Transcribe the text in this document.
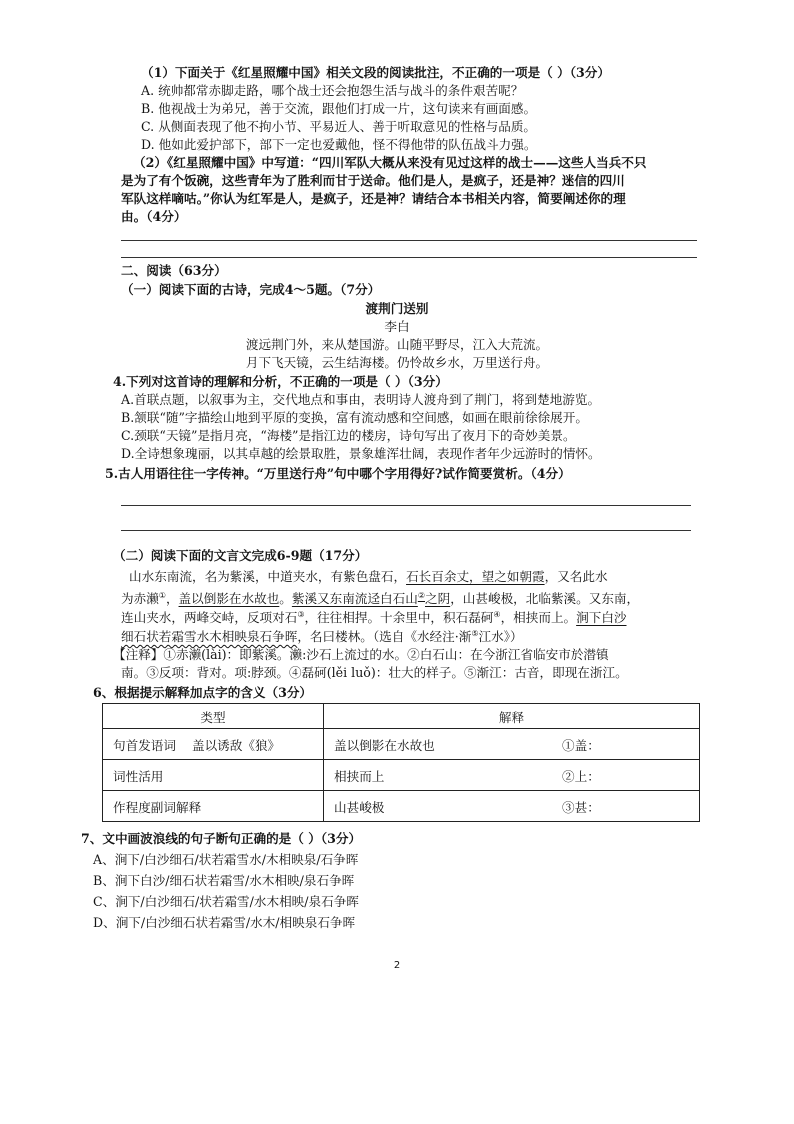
（1）下面关于《红星照耀中国》相关文段的阅读批注，不正确的一项是（ ）（3分）
A. 统帅都常赤脚走路，哪个战士还会抱怨生活与战斗的条件艰苦呢？
B. 他视战士为弟兄，善于交流，跟他们打成一片，这句读来有画面感。
C. 从侧面表现了他不拘小节、平易近人、善于听取意见的性格与品质。
D. 他如此爱护部下，部下一定也爱戴他，怪不得他带的队伍战斗力强。
（2）《红星照耀中国》中写道：“四川军队大概从来没有见过这样的战士——这些人当兵不只
是为了有个饭碗，这些青年为了胜利而甘于送命。他们是人，是疯子，还是神？迷信的四川
军队这样嘀咕。”你认为红军是人，是疯子，还是神？请结合本书相关内容，简要阐述你的理
由。（4分）
二、阅读（63分）
（一）阅读下面的古诗，完成4～5题。（7分）
渡荆门送别
李白
渡远荆门外，来从楚国游。山随平野尽，江入大荒流。
月下飞天镜，云生结海楼。仍怜故乡水，万里送行舟。
4.下列对这首诗的理解和分析，不正确的一项是（ ）（3分）
A.首联点题，以叙事为主，交代地点和事由，表明诗人渡舟到了荆门，将到楚地游览。
B.颔联“随”字描绘山地到平原的变换，富有流动感和空间感，如画在眼前徐徐展开。
C.颈联“天镜”是指月亮，“海楼”是指江边的楼房，诗句写出了夜月下的奇妙美景。
D.全诗想象瑰丽，以其卓越的绘景取胜，景象雄浑壮阔，表现作者年少远游时的情怀。
5.古人用语往往一字传神。“万里送行舟”句中哪个字用得好?试作简要赏析。（4分）
（二）阅读下面的文言文完成6-9题（17分）
山水东南流，名为紫溪，中道夹水，有紫色盘石，石长百余丈，望之如朝霞，又名此水
为赤濑①，盖以倒影在水故也。紫溪又东南流迳白石山②之阴，山甚峻极，北临紫溪。又东南，
连山夹水，两峰交峙，反项对石③，往往相捍。十余里中，积石磊砢④，相挟而上。涧下白沙
细石状若霜雪水木相映泉石争晖，名曰楼林。（选自《水经注·渐⑤江水》）
【注释】①赤濑(lài)：即紫溪。濑:沙石上流过的水。②白石山：在今浙江省临安市於潜镇
南。③反项：背对。项:脖颈。④磊砢(lěi luǒ)：壮大的样子。⑤渐江：古音，即现在浙江。
6、根据提示解释加点字的含义（3分）
类型	解释
句首发语词 盖以诱敌《狼》	盖以倒影在水故也 ①盖：
词性活用	相挟而上 ②上：
作程度副词解释	山甚峻极 ③甚：
7、文中画波浪线的句子断句正确的是（ ）（3分）
A、涧下/白沙细石/状若霜雪水/木相映泉/石争晖
B、涧下白沙/细石状若霜雪/水木相映/泉石争晖
C、涧下/白沙细石/状若霜雪/水木相映/泉石争晖
D、涧下/白沙细石状若霜雪/水木/相映泉石争晖
2
